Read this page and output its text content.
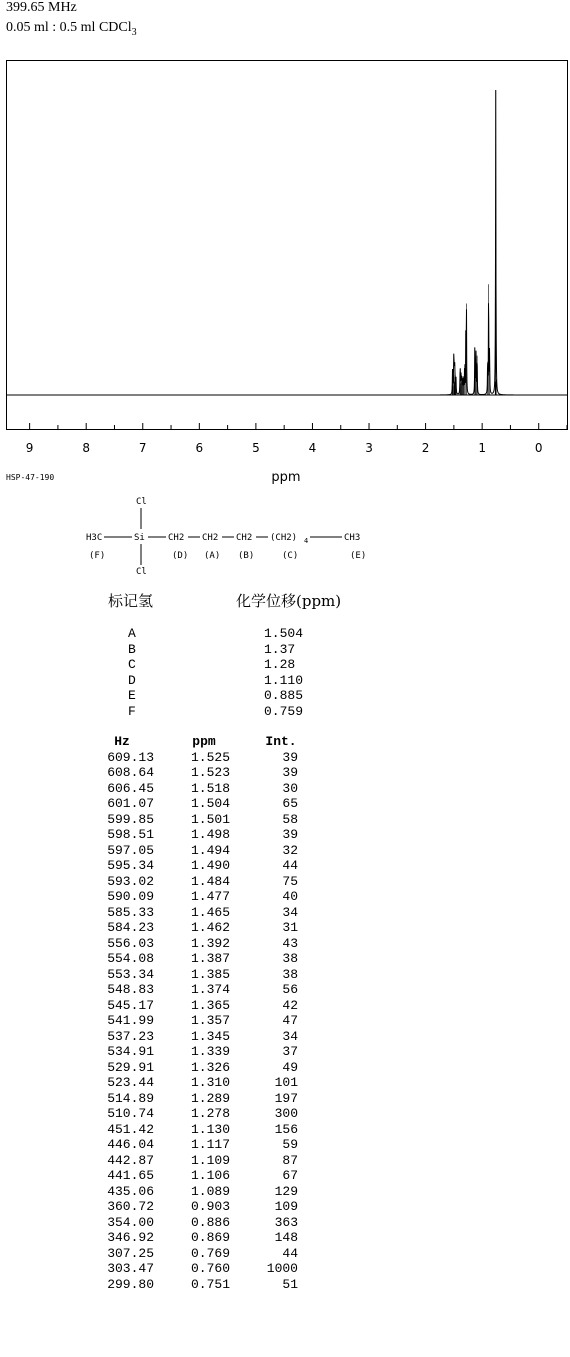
399.65 MHz
0.05 ml : 0.5 ml CDCl$_3$
9	8	7	6	5	4	3	2	1	0
ppm
HSP-47-190
Cl
H3C	Si
Cl
CH2 CH2 CH2 (CH2) 4	CH3
(F)	(D) (A) (B)	(C)	(E)
标记氢	化学位移(ppm)
A	1.504
B	1.37
C	1.28
D	1.110
E	0.885
F	0.759
Hz	ppm	Int.
609.13	1.525	39
608.64	1.523	39
606.45	1.518	30
601.07	1.504	65
599.85	1.501	58
598.51	1.498	39
597.05	1.494	32
595.34	1.490	44
593.02	1.484	75
590.09	1.477	40
585.33	1.465	34
584.23	1.462	31
556.03	1.392	43
554.08	1.387	38
553.34	1.385	38
548.83	1.374	56
545.17	1.365	42
541.99	1.357	47
537.23	1.345	34
534.91	1.339	37
529.91	1.326	49
523.44	1.310	101
514.89	1.289	197
510.74	1.278	300
451.42	1.130	156
446.04	1.117	59
442.87	1.109	87
441.65	1.106	67
435.06	1.089	129
360.72	0.903	109
354.00	0.886	363
346.92	0.869	148
307.25	0.769	44
303.47	0.760	1000
299.80	0.751	51
